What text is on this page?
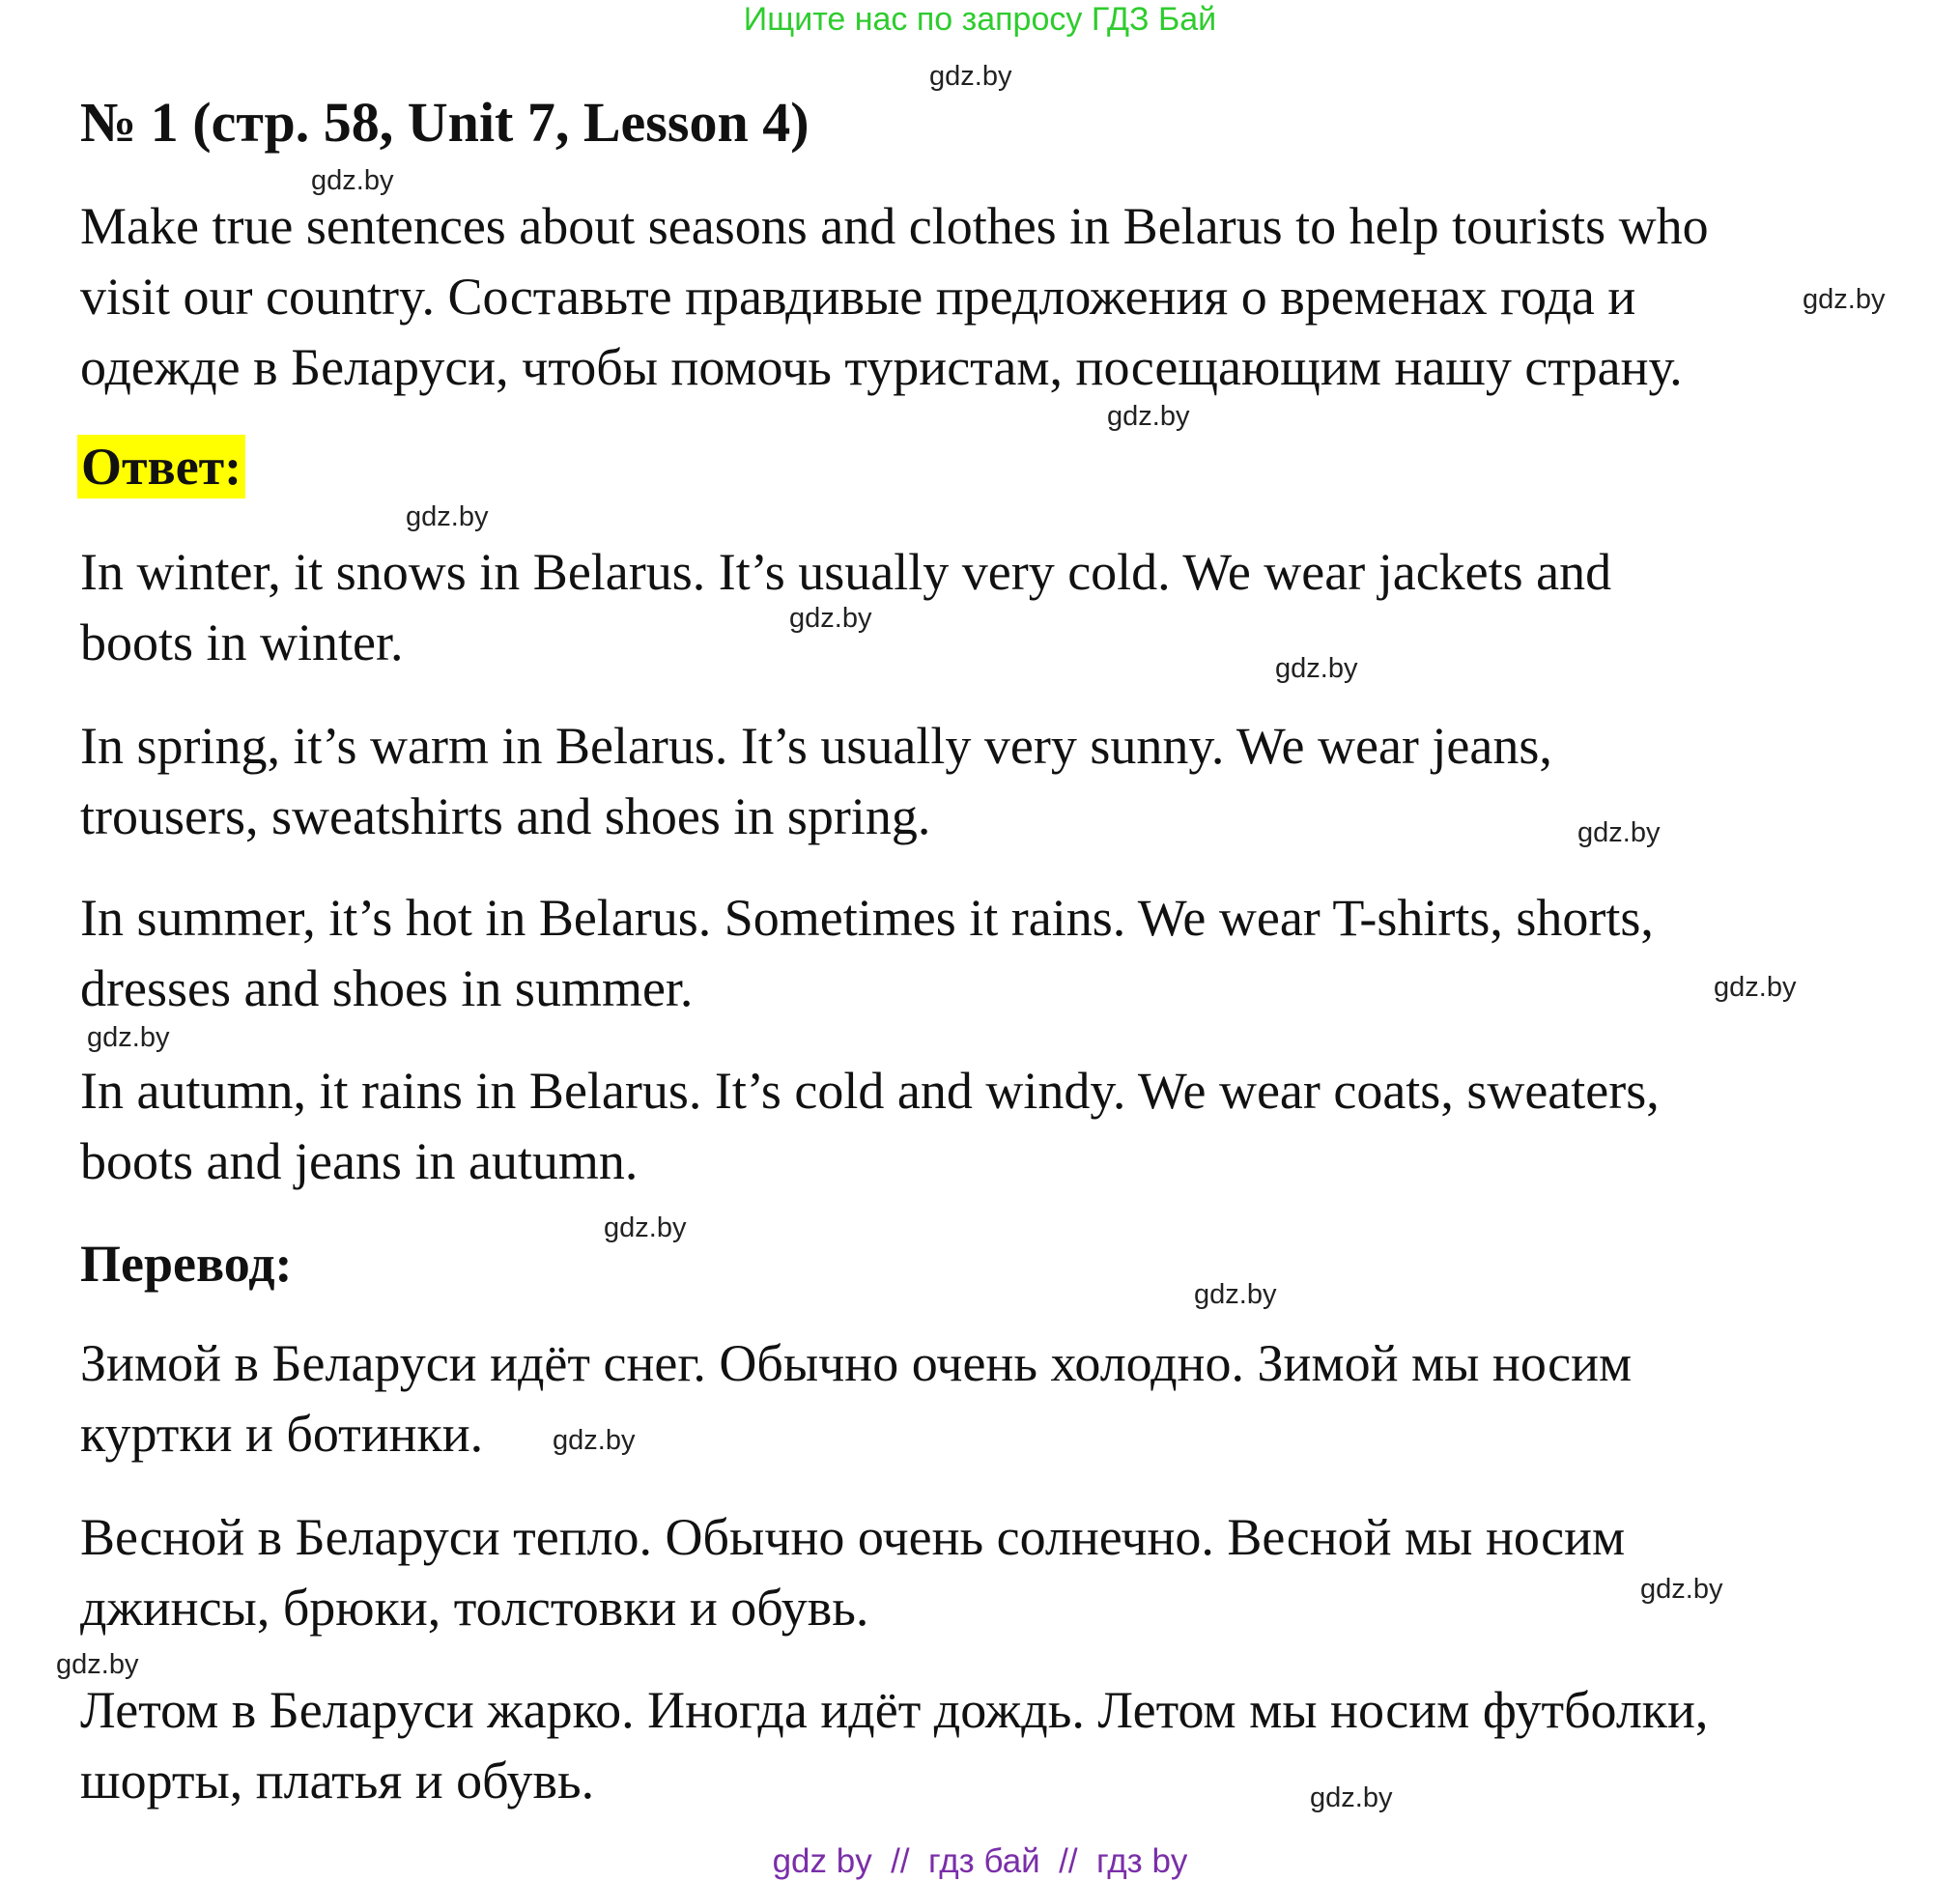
Ищите нас по запросу ГДЗ Бай
№ 1 (стр. 58, Unit 7, Lesson 4)
Make true sentences about seasons and clothes in Belarus to help tourists who
visit our country. Составьте правдивые предложения о временах года и
одежде в Беларуси, чтобы помочь туристам, посещающим нашу страну.
Ответ:
In winter, it snows in Belarus. It’s usually very cold. We wear jackets and
boots in winter.
In spring, it’s warm in Belarus. It’s usually very sunny. We wear jeans,
trousers, sweatshirts and shoes in spring.
In summer, it’s hot in Belarus. Sometimes it rains. We wear T-shirts, shorts,
dresses and shoes in summer.
In autumn, it rains in Belarus. It’s cold and windy. We wear coats, sweaters,
boots and jeans in autumn.
Перевод:
Зимой в Беларуси идёт снег. Обычно очень холодно. Зимой мы носим
куртки и ботинки.
Весной в Беларуси тепло. Обычно очень солнечно. Весной мы носим
джинсы, брюки, толстовки и обувь.
Летом в Беларуси жарко. Иногда идёт дождь. Летом мы носим футболки,
шорты, платья и обувь.
gdz.by
gdz.by
gdz.by
gdz.by
gdz.by
gdz.by
gdz.by
gdz.by
gdz.by
gdz.by
gdz.by
gdz.by
gdz.by
gdz.by
gdz.by
gdz.by
gdz by  //  гдз бай  //  гдз by
